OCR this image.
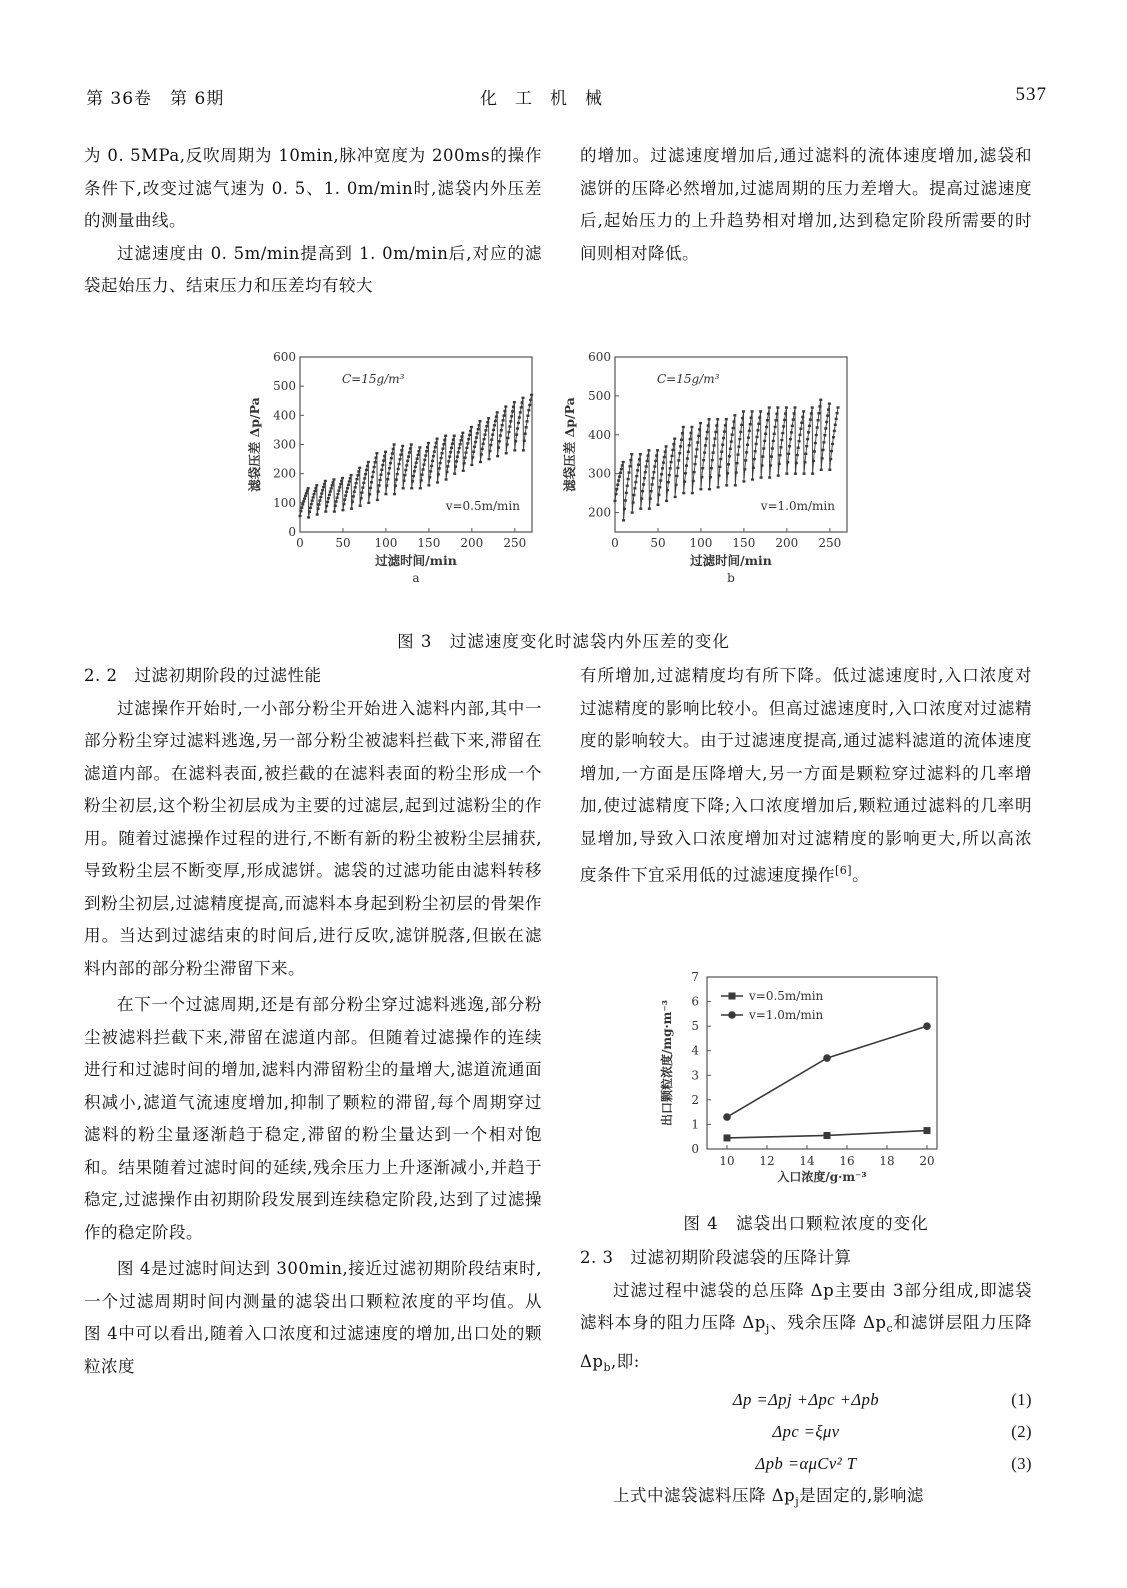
第 36卷　第 6期	化工机械	537

为 0. 5MPa,反吹周期为 10min,脉冲宽度为 200ms的操作条件下,改变过滤气速为 0. 5、1. 0m/min时,滤袋内外压差的测量曲线。

过滤速度由 0. 5m/min提高到 1. 0m/min后,对应的滤袋起始压力、结束压力和压差均有较大

的增加。过滤速度增加后,通过滤料的流体速度增加,滤袋和滤饼的压降必然增加,过滤周期的压力差增大。提高过滤速度后,起始压力的上升趋势相对增加,达到稳定阶段所需要的时间则相对降低。

0
100
200
300
400
500
600
0	50 100 150 200 250
过滤时间/min
a
滤袋压差 Δp/Pa
C=15g/m³
v=0.5m/min	200
300
400
500
600
0	50 100 150 200 250
过滤时间/min
b
滤袋压差 Δp/Pa
C=15g/m³
v=1.0m/min
图 3　过滤速度变化时滤袋内外压差的变化

2. 2　过滤初期阶段的过滤性能

过滤操作开始时,一小部分粉尘开始进入滤料内部,其中一部分粉尘穿过滤料逃逸,另一部分粉尘被滤料拦截下来,滞留在滤道内部。在滤料表面,被拦截的在滤料表面的粉尘形成一个粉尘初层,这个粉尘初层成为主要的过滤层,起到过滤粉尘的作用。随着过滤操作过程的进行,不断有新的粉尘被粉尘层捕获,导致粉尘层不断变厚,形成滤饼。滤袋的过滤功能由滤料转移到粉尘初层,过滤精度提高,而滤料本身起到粉尘初层的骨架作用。当达到过滤结束的时间后,进行反吹,滤饼脱落,但嵌在滤料内部的部分粉尘滞留下来。

在下一个过滤周期,还是有部分粉尘穿过滤料逃逸,部分粉尘被滤料拦截下来,滞留在滤道内部。但随着过滤操作的连续进行和过滤时间的增加,滤料内滞留粉尘的量增大,滤道流通面积减小,滤道气流速度增加,抑制了颗粒的滞留,每个周期穿过滤料的粉尘量逐渐趋于稳定,滞留的粉尘量达到一个相对饱和。结果随着过滤时间的延续,残余压力上升逐渐减小,并趋于稳定,过滤操作由初期阶段发展到连续稳定阶段,达到了过滤操作的稳定阶段。

图 4是过滤时间达到 300min,接近过滤初期阶段结束时,一个过滤周期时间内测量的滤袋出口颗粒浓度的平均值。从图 4中可以看出,随着入口浓度和过滤速度的增加,出口处的颗粒浓度

有所增加,过滤精度均有所下降。低过滤速度时,入口浓度对过滤精度的影响比较小。但高过滤速度时,入口浓度对过滤精度的影响较大。由于过滤速度提高,通过滤料滤道的流体速度增加,一方面是压降增大,另一方面是颗粒穿过滤料的几率增加,使过滤精度下降;入口浓度增加后,颗粒通过滤料的几率明显增加,导致入口浓度增加对过滤精度的影响更大,所以高浓度条件下宜采用低的过滤速度操作[6]。

0
1
2
3
4
5
6
7
10 12 14 16 18 20
入口浓度/g·m⁻³
出口颗粒浓度/mg·m⁻³
v=0.5m/min
v=1.0m/min
图 4　滤袋出口颗粒浓度的变化

2. 3　过滤初期阶段滤袋的压降计算

过滤过程中滤袋的总压降 Δp主要由 3部分组成,即滤袋滤料本身的阻力压降 $\Delta p_j$、残余压降 $\Delta p_c$和滤饼层阻力压降 $\Delta p_b$,即:

Δp =Δpj +Δpc +Δpb	(1)
Δpc =ξμv	(2)
Δpb =αμCv² T	(3)

上式中滤袋滤料压降 $\Delta p_j$是固定的,影响滤
